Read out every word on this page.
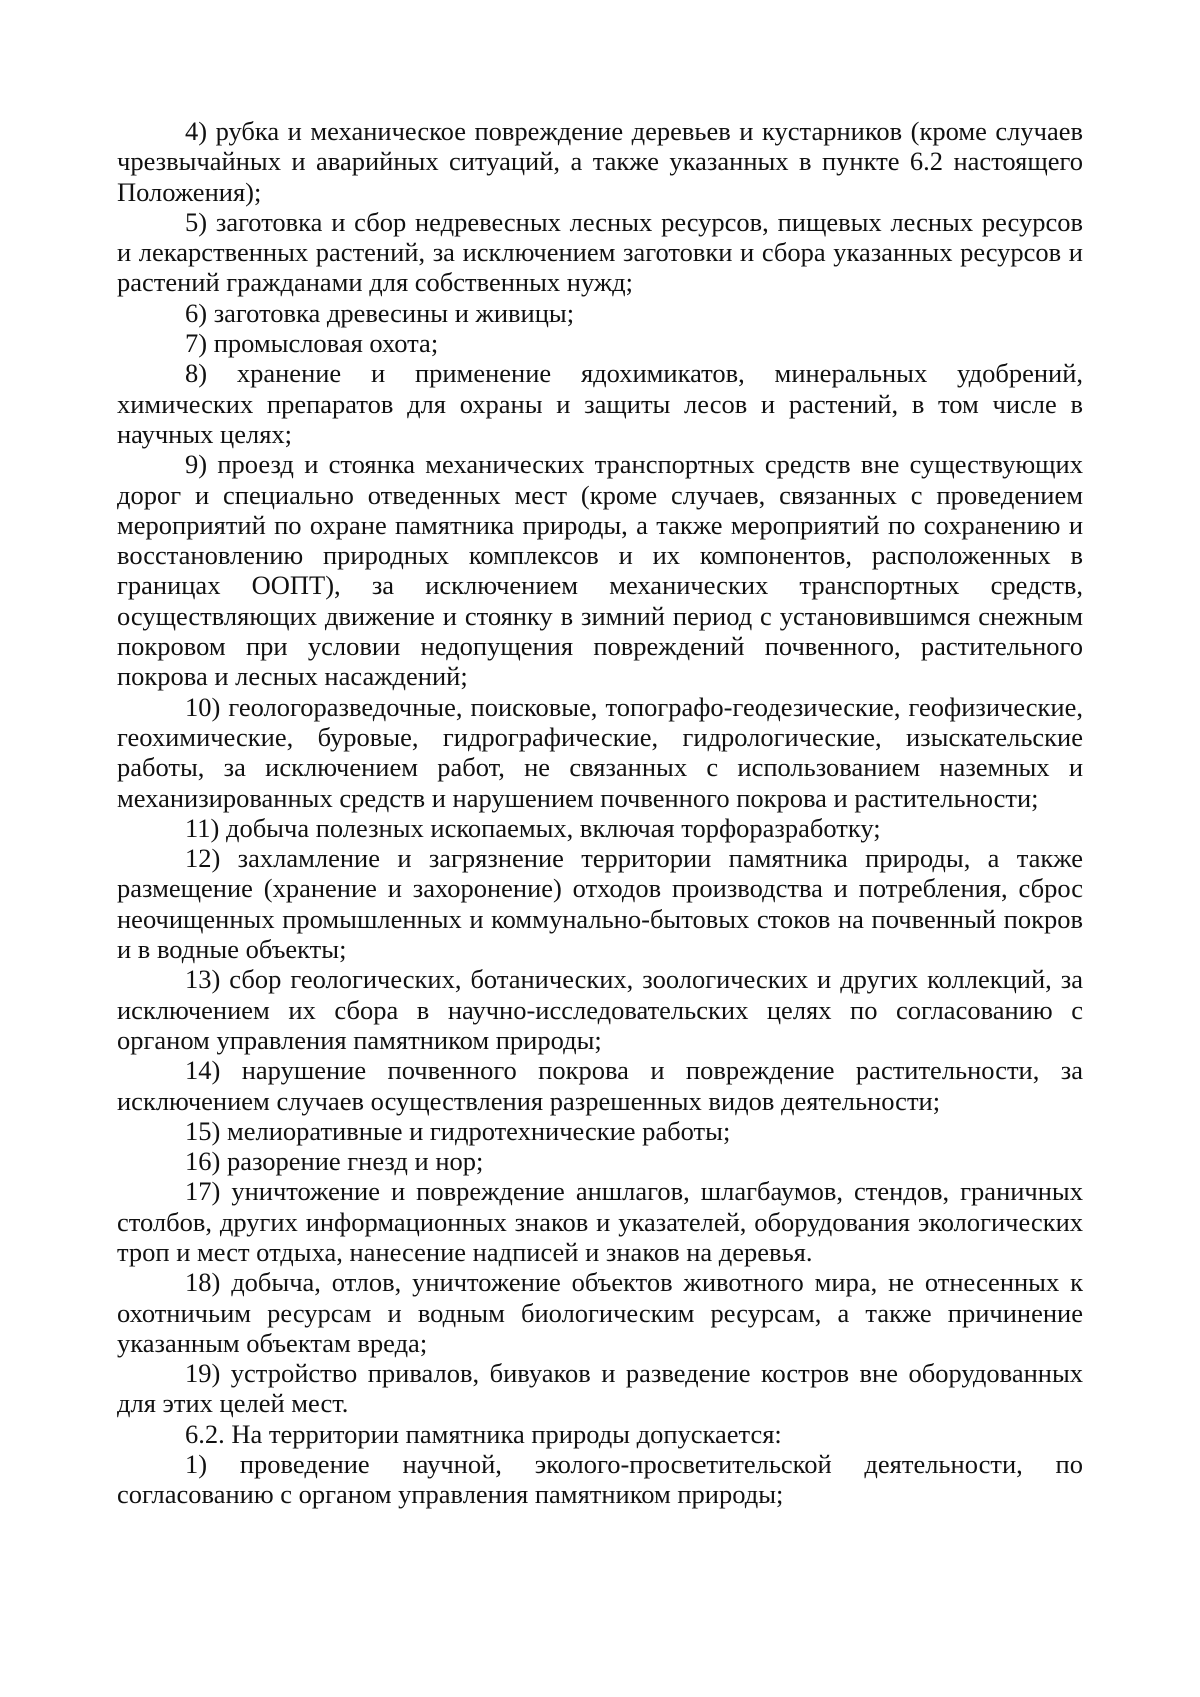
4) рубка и механическое повреждение деревьев и кустарников (кроме случаев чрезвычайных и аварийных ситуаций, а также указанных в пункте 6.2 настоящего Положения);

5) заготовка и сбор недревесных лесных ресурсов, пищевых лесных ресурсов и лекарственных растений, за исключением заготовки и сбора указанных ресурсов и растений гражданами для собственных нужд;

6) заготовка древесины и живицы;

7) промысловая охота;

8) хранение и применение ядохимикатов, минеральных удобрений, химических препаратов для охраны и защиты лесов и растений, в том числе в научных целях;

9) проезд и стоянка механических транспортных средств вне существующих дорог и специально отведенных мест (кроме случаев, связанных с проведением мероприятий по охране памятника природы, а также мероприятий по сохранению и восстановлению природных комплексов и их компонентов, расположенных в границах ООПТ), за исключением механических транспортных средств, осуществляющих движение и стоянку в зимний период с установившимся снежным покровом при условии недопущения повреждений почвенного, растительного покрова и лесных насаждений;

10) геологоразведочные, поисковые, топографо-геодезические, геофизические, геохимические, буровые, гидрографические, гидрологические, изыскательские работы, за исключением работ, не связанных с использованием наземных и механизированных средств и нарушением почвенного покрова и растительности;

11) добыча полезных ископаемых, включая торфоразработку;

12) захламление и загрязнение территории памятника природы, а также размещение (хранение и захоронение) отходов производства и потребления, сброс неочищенных промышленных и коммунально-бытовых стоков на почвенный покров и в водные объекты;

13) сбор геологических, ботанических, зоологических и других коллекций, за исключением их сбора в научно-исследовательских целях по согласованию с органом управления памятником природы;

14) нарушение почвенного покрова и повреждение растительности, за исключением случаев осуществления разрешенных видов деятельности;

15) мелиоративные и гидротехнические работы;

16) разорение гнезд и нор;

17) уничтожение и повреждение аншлагов, шлагбаумов, стендов, граничных столбов, других информационных знаков и указателей, оборудования экологических троп и мест отдыха, нанесение надписей и знаков на деревья.

18) добыча, отлов, уничтожение объектов животного мира, не отнесенных к охотничьим ресурсам и водным биологическим ресурсам, а также причинение указанным объектам вреда;

19) устройство привалов, бивуаков и разведение костров вне оборудованных для этих целей мест.

6.2. На территории памятника природы допускается:

1) проведение научной, эколого-просветительской деятельности, по согласованию с органом управления памятником природы;
